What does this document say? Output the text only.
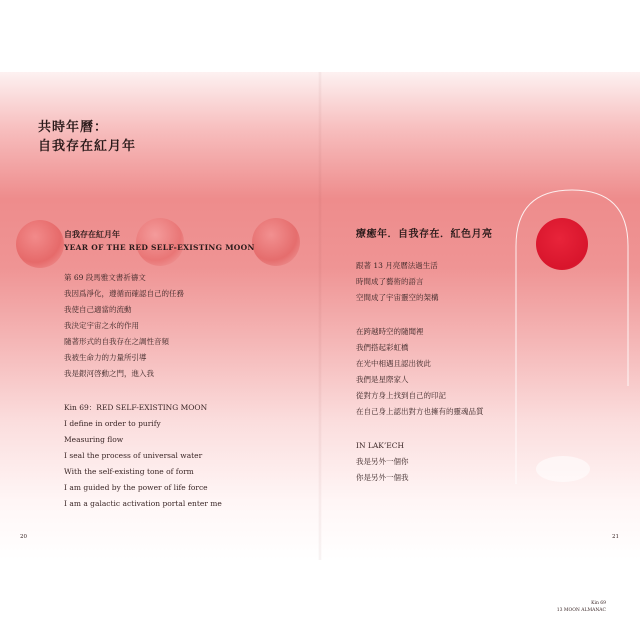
共時年曆：
自我存在紅月年
自我存在紅月年
YEAR OF THE RED SELF-EXISTING MOON
第 69 段馬雅文書祈禱文
我因爲淨化，遵循而確認自己的任務
我使自己適當的流動
我決定宇宙之水的作用
隨著形式的自我存在之調性音頻
我被生命力的力量所引導
我是銀河啓動之門，進入我
Kin 69：RED SELF-EXISTING MOON
I define in order to purify
Measuring flow
I seal the process of universal water
With the self-existing tone of form
I am guided by the power of life force
I am a galactic activation portal enter me
療癒年．自我存在．紅色月亮
跟著 13 月亮曆法過生活
時間成了藝術的語言
空間成了宇宙靈空的架構
在跨越時空的隨聞裡
我們搭起彩虹橋
在光中相遇且認出彼此
我們是星際家人
從對方身上找到自己的印記
在自己身上認出對方也擁有的靈魂品質
IN LAK’ECH
我是另外一個你
你是另外一個我
Kin 69
13 MOON ALMANAC
20	21
